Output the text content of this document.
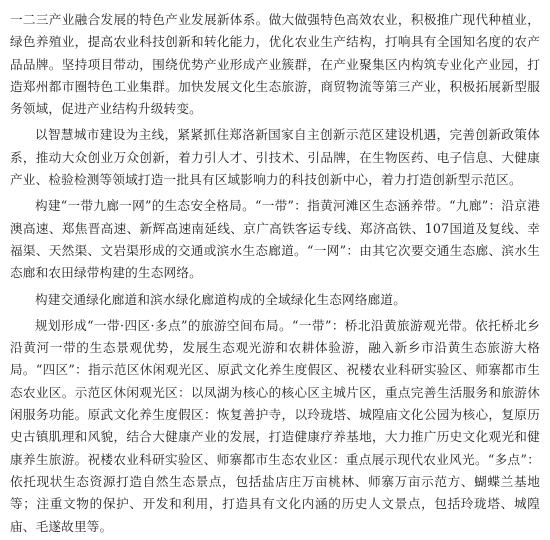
一二三产业融合发展的特色产业发展新体系。做大做强特色高效农业，积极推广现代种植业，绿色养殖业，提高农业科技创新和转化能力，优化农业生产结构，打响具有全国知名度的农产品品牌。坚持项目带动，围绕优势产业形成产业簇群，在产业聚集区内构筑专业化产业园，打造郑州都市圈特色工业集群。加快发展文化生态旅游，商贸物流等第三产业，积极拓展新型服务领域，促进产业结构升级转变。

以智慧城市建设为主线，紧紧抓住郑洛新国家自主创新示范区建设机遇，完善创新政策体系，推动大众创业万众创新，着力引人才、引技术、引品牌，在生物医药、电子信息、大健康产业、检验检测等领域打造一批具有区域影响力的科技创新中心，着力打造创新型示范区。

构建“一带九廊一网”的生态安全格局。“一带”：指黄河滩区生态涵养带。“九廊”：沿京港澳高速、郑焦晋高速、新辉高速南延线、京广高铁客运专线、郑济高铁、107国道及复线、幸福渠、天然渠、文岩渠形成的交通或滨水生态廊道。“一网”：由其它次要交通生态廊、滨水生态廊和农田绿带构建的生态网络。

构建交通绿化廊道和滨水绿化廊道构成的全域绿化生态网络廊道。

规划形成“一带·四区·多点”的旅游空间布局。“一带”：桥北沿黄旅游观光带。依托桥北乡沿黄河一带的生态景观优势，发展生态观光游和农耕体验游，融入新乡市沿黄生态旅游大格局。“四区”：指示范区休闲观光区、原武文化养生度假区、祝楼农业科研实验区、师寨都市生态农业区。示范区休闲观光区：以凤湖为核心的核心区主城片区，重点完善生活服务和旅游休闲服务功能。原武文化养生度假区：恢复善护寺，以玲珑塔、城隍庙文化公园为核心，复原历史古镇肌理和风貌，结合大健康产业的发展，打造健康疗养基地，大力推广历史文化观光和健康养生旅游。祝楼农业科研实验区、师寨都市生态农业区：重点展示现代农业风光。“多点”：依托现状生态资源打造自然生态景点，包括盐店庄万亩桃林、师寨万亩示范方、蝴蝶兰基地等；注重文物的保护、开发和利用，打造具有文化内涵的历史人文景点，包括玲珑塔、城隍庙、毛遂故里等。
